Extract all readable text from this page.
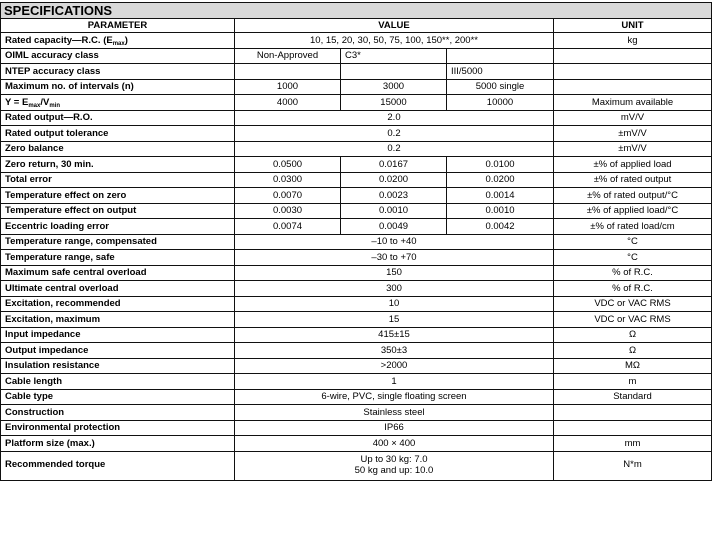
SPECIFICATIONS				
PARAMETER	VALUE			UNIT
Rated capacity—R.C. $(E_{max})$	10, 15, 20, 30, 50, 75, 100, 150**, 200**			kg
OIML accuracy class	Non-Approved	C3*		
NTEP accuracy class			III/5000	
Maximum no. of intervals (n)	1000	3000	5000 single	
$Y = E_{max}/V_{min}$	4000	15000	10000	Maximum available
Rated output—R.O.	2.0			mV/V
Rated output tolerance	0.2			±mV/V
Zero balance	0.2			±mV/V
Zero return, 30 min.	0.0500	0.0167	0.0100	±% of applied load
Total error	0.0300	0.0200	0.0200	±% of rated output
Temperature effect on zero	0.0070	0.0023	0.0014	±% of rated output/°C
Temperature effect on output	0.0030	0.0010	0.0010	±% of applied load/°C
Eccentric loading error	0.0074	0.0049	0.0042	±% of rated load/cm
Temperature range, compensated	–10 to +40			°C
Temperature range, safe	–30 to +70			°C
Maximum safe central overload	150			% of R.C.
Ultimate central overload	300			% of R.C.
Excitation, recommended	10			VDC or VAC RMS
Excitation, maximum	15			VDC or VAC RMS
Input impedance	415±15			Ω
Output impedance	350±3			Ω
Insulation resistance	>2000			MΩ
Cable length	1			m
Cable type	6-wire, PVC, single floating screen			Standard
Construction	Stainless steel			
Environmental protection	IP66			
Platform size (max.)	400 × 400			mm
Recommended torque	Up to 30 kg: 7.0
50 kg and up: 10.0			N*m
